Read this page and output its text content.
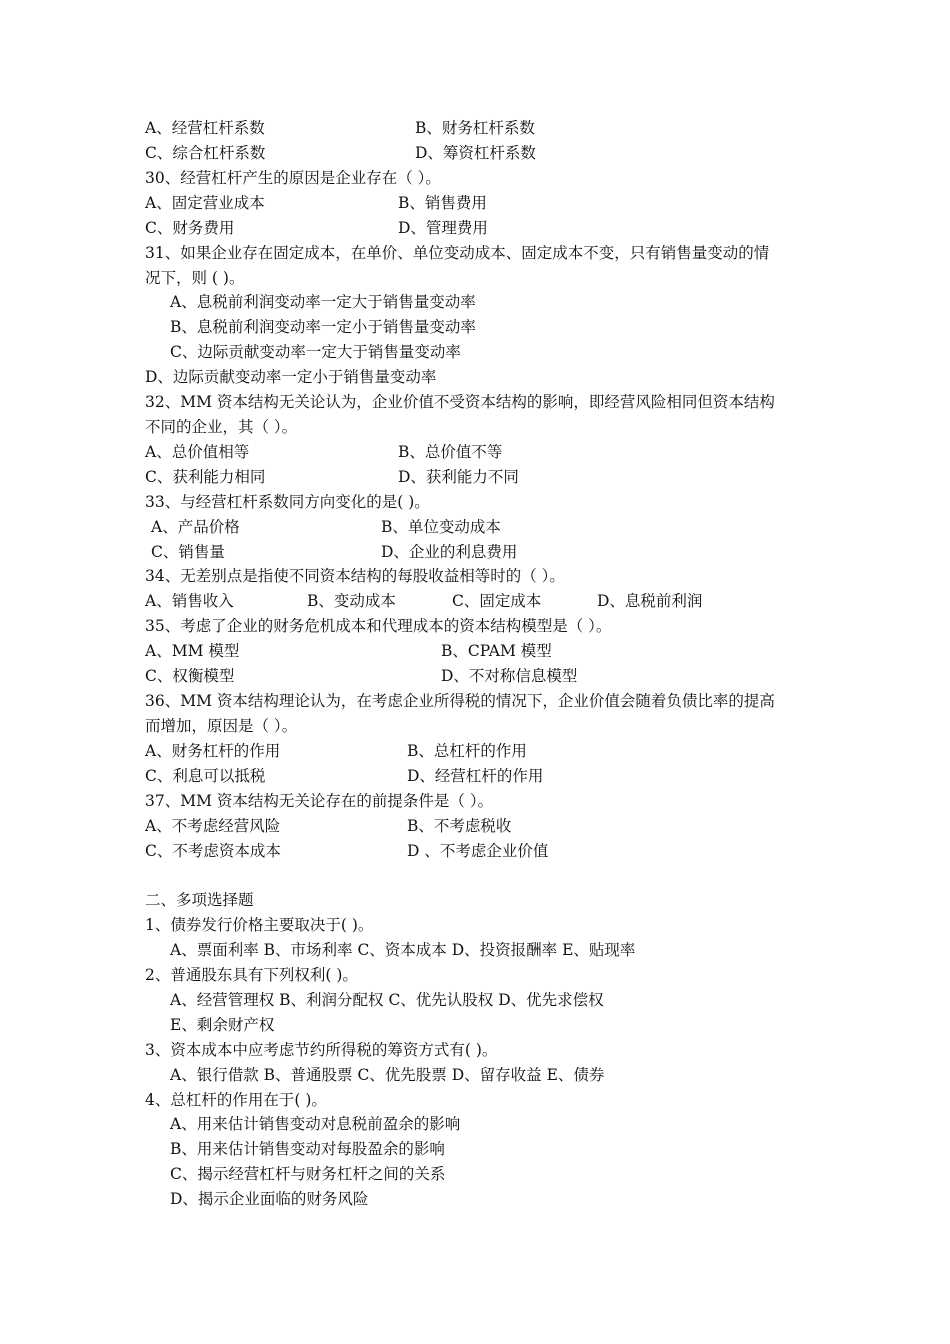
A、经营杠杆系数	B、财务杠杆系数
C、综合杠杆系数	D、筹资杠杆系数
30、经营杠杆产生的原因是企业存在（ ）。
A、固定营业成本	B、销售费用
C、财务费用	D、管理费用
31、如果企业存在固定成本，在单价、单位变动成本、固定成本不变，只有销售量变动的情
况下，则 ( )。
A、息税前利润变动率一定大于销售量变动率
B、息税前利润变动率一定小于销售量变动率
C、边际贡献变动率一定大于销售量变动率
D、边际贡献变动率一定小于销售量变动率
32、MM 资本结构无关论认为，企业价值不受资本结构的影响，即经营风险相同但资本结构
不同的企业，其（ ）。
A、总价值相等	B、总价值不等
C、获利能力相同	D、获利能力不同
33、与经营杠杆系数同方向变化的是( )。
A、产品价格	B、单位变动成本
C、销售量	D、企业的利息费用
34、无差别点是指使不同资本结构的每股收益相等时的（ ）。
A、销售收入	B、变动成本	C、固定成本	D、息税前利润
35、考虑了企业的财务危机成本和代理成本的资本结构模型是（ ）。
A、MM 模型	B、CPAM 模型
C、权衡模型	D、不对称信息模型
36、MM 资本结构理论认为，在考虑企业所得税的情况下，企业价值会随着负债比率的提高
而增加，原因是（ ）。
A、财务杠杆的作用	B、总杠杆的作用
C、利息可以抵税	D、经营杠杆的作用
37、MM 资本结构无关论存在的前提条件是（ ）。
A、不考虑经营风险	B、不考虑税收
C、不考虑资本成本	D 、不考虑企业价值
二、多项选择题
1、债券发行价格主要取决于( )。
A、票面利率 B、市场利率 C、资本成本 D、投资报酬率 E、贴现率
2、普通股东具有下列权利( )。
A、经营管理权 B、利润分配权 C、优先认股权 D、优先求偿权
E、剩余财产权
3、资本成本中应考虑节约所得税的筹资方式有( )。
A、银行借款 B、普通股票 C、优先股票 D、留存收益 E、债券
4、总杠杆的作用在于( )。
A、用来估计销售变动对息税前盈余的影响
B、用来估计销售变动对每股盈余的影响
C、揭示经营杠杆与财务杠杆之间的关系
D、揭示企业面临的财务风险
